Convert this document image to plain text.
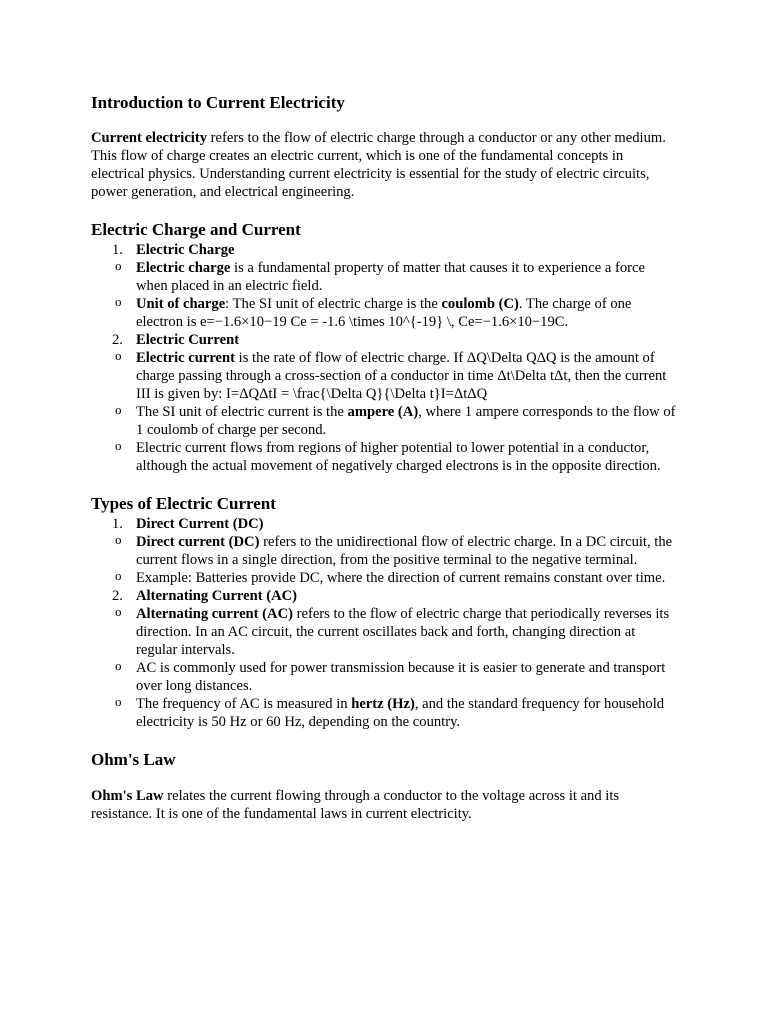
Introduction to Current Electricity

Current electricity refers to the flow of electric charge through a conductor or any other medium. This flow of charge creates an electric current, which is one of the fundamental concepts in electrical physics. Understanding current electricity is essential for the study of electric circuits, power generation, and electrical engineering.

Electric Charge and Current
1. Electric Charge
o Electric charge is a fundamental property of matter that causes it to experience a force when placed in an electric field.
o Unit of charge: The SI unit of electric charge is the coulomb (C). The charge of one electron is e=−1.6×10−19 Ce = -1.6 \times 10^{-19} \, Ce=−1.6×10−19C.
2. Electric Current
o Electric current is the rate of flow of electric charge. If ΔQ\Delta QΔQ is the amount of charge passing through a cross-section of a conductor in time Δt\Delta tΔt, then the current III is given by: I=ΔQΔtI = \frac{\Delta Q}{\Delta t}I=ΔtΔQ
o The SI unit of electric current is the ampere (A), where 1 ampere corresponds to the flow of 1 coulomb of charge per second.
o Electric current flows from regions of higher potential to lower potential in a conductor, although the actual movement of negatively charged electrons is in the opposite direction.
Types of Electric Current
1. Direct Current (DC)
o Direct current (DC) refers to the unidirectional flow of electric charge. In a DC circuit, the current flows in a single direction, from the positive terminal to the negative terminal.
o Example: Batteries provide DC, where the direction of current remains constant over time.
2. Alternating Current (AC)
o Alternating current (AC) refers to the flow of electric charge that periodically reverses its direction. In an AC circuit, the current oscillates back and forth, changing direction at regular intervals.
o AC is commonly used for power transmission because it is easier to generate and transport over long distances.
o The frequency of AC is measured in hertz (Hz), and the standard frequency for household electricity is 50 Hz or 60 Hz, depending on the country.
Ohm's Law

Ohm's Law relates the current flowing through a conductor to the voltage across it and its resistance. It is one of the fundamental laws in current electricity.
